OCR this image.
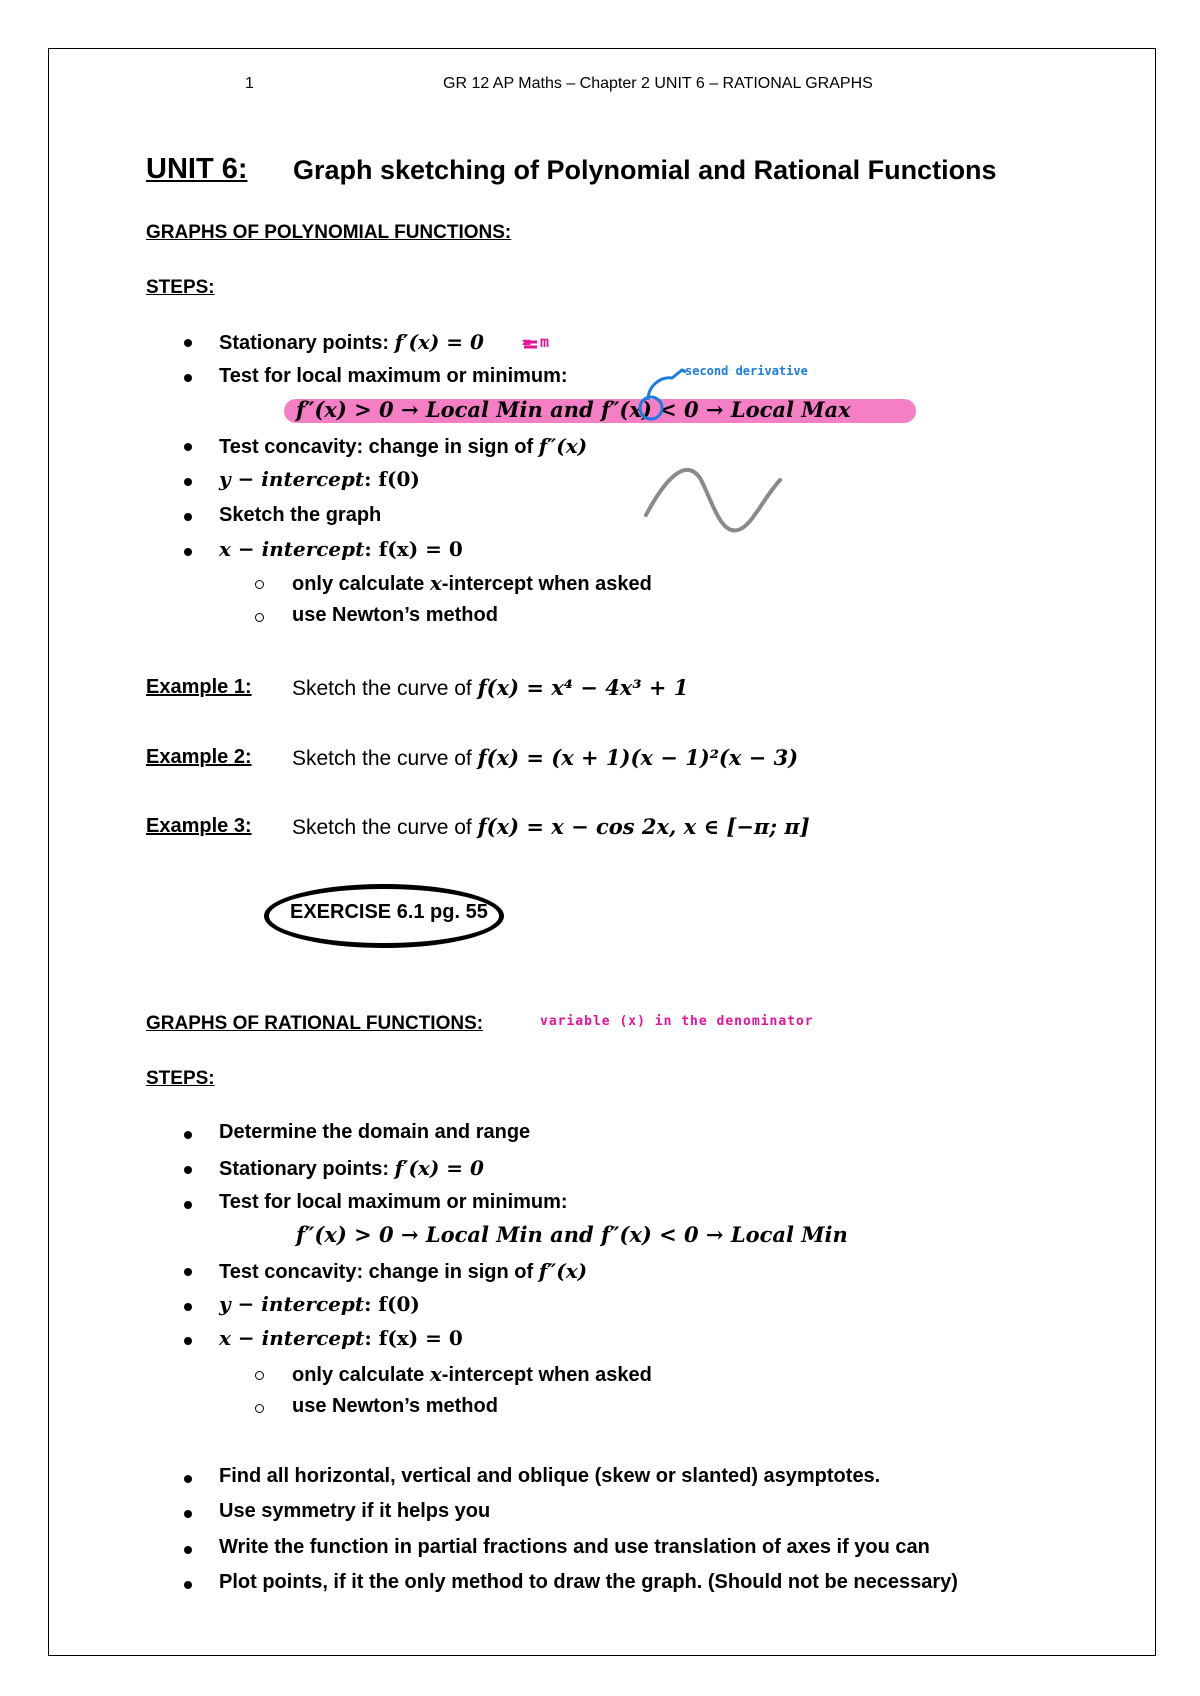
1	GR 12 AP Maths – Chapter 2 UNIT 6 – RATIONAL GRAPHS
UNIT 6: Graph sketching of Polynomial and Rational Functions
GRAPHS OF POLYNOMIAL FUNCTIONS:
STEPS:
Stationary points: f′(x) = 0	= m
Test for local maximum or minimum:	second derivative
f″(x) > 0 → Local Min and f″(x) < 0 → Local Max
Test concavity: change in sign of f″(x)
y − intercept: f(0)
Sketch the graph
x − intercept: f(x) = 0
only calculate x-intercept when asked
use Newton’s method
Example 1: Sketch the curve of f(x) = x⁴ − 4x³ + 1
Example 2: Sketch the curve of f(x) = (x + 1)(x − 1)²(x − 3)
Example 3: Sketch the curve of f(x) = x − cos 2x, x ∈ [−π; π]
EXERCISE 6.1 pg. 55
GRAPHS OF RATIONAL FUNCTIONS:	variable (x) in the denominator
STEPS:
Determine the domain and range
Stationary points: f′(x) = 0
Test for local maximum or minimum:
f″(x) > 0 → Local Min and f″(x) < 0 → Local Min
Test concavity: change in sign of f″(x)
y − intercept: f(0)
x − intercept: f(x) = 0
only calculate x-intercept when asked
use Newton’s method
Find all horizontal, vertical and oblique (skew or slanted) asymptotes.
Use symmetry if it helps you
Write the function in partial fractions and use translation of axes if you can
Plot points, if it the only method to draw the graph. (Should not be necessary)
